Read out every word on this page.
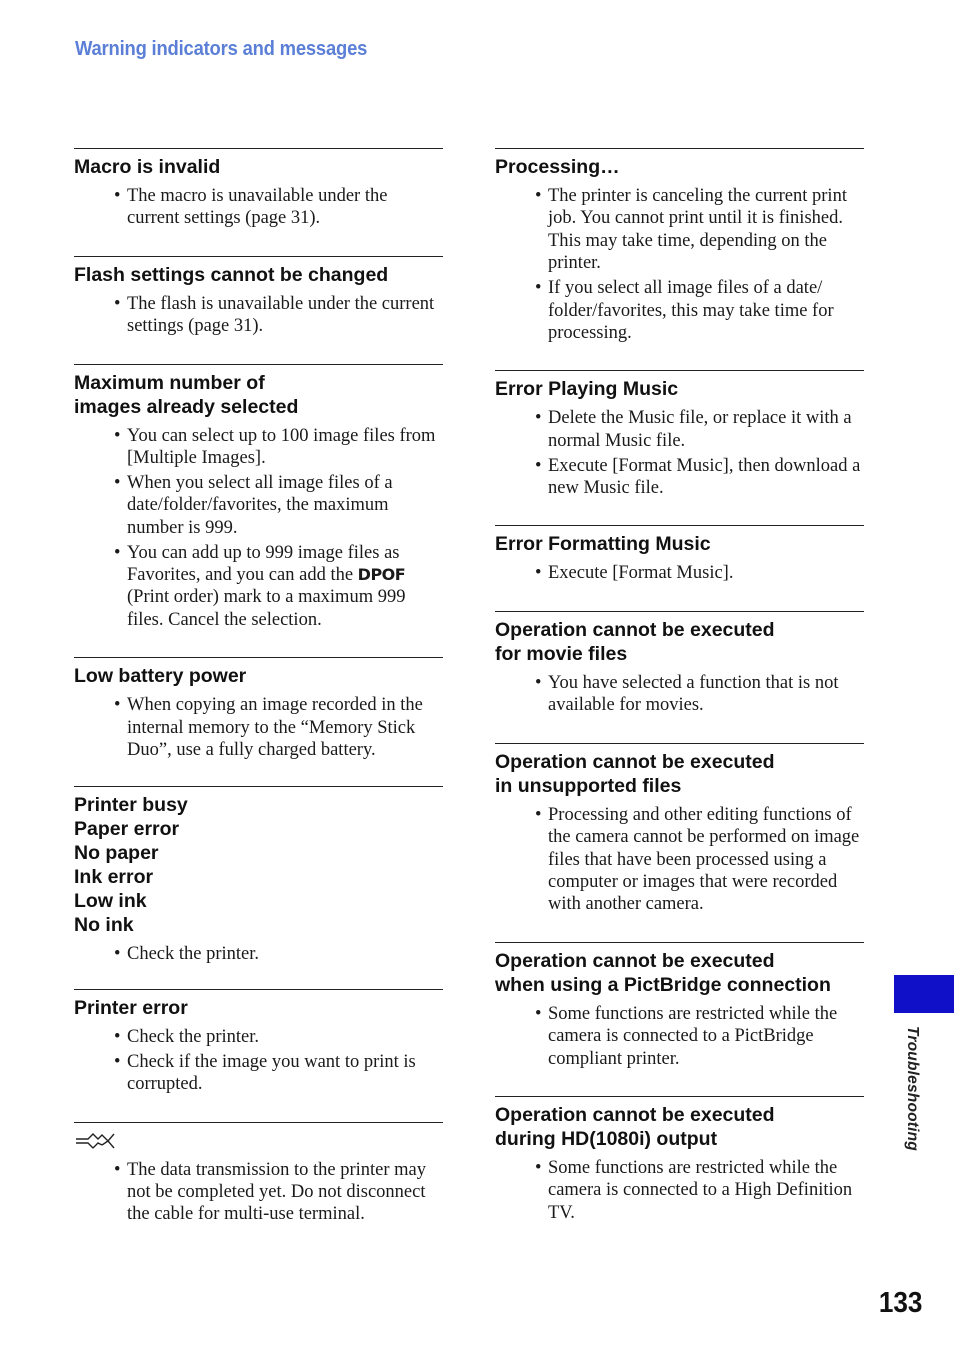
Warning indicators and messages
Macro is invalid
• The macro is unavailable under the current settings (page 31).
Flash settings cannot be changed
• The flash is unavailable under the current settings (page 31).
Maximum number of
images already selected
• You can select up to 100 image files from [Multiple Images].
• When you select all image files of a date/folder/favorites, the maximum number is 999.
• You can add up to 999 image files as Favorites, and you can add the DPOF (Print order) mark to a maximum 999 files. Cancel the selection.
Low battery power
• When copying an image recorded in the internal memory to the “Memory Stick Duo”, use a fully charged battery.
Printer busy
Paper error
No paper
Ink error
Low ink
No ink
• Check the printer.
Printer error
• Check the printer.
• Check if the image you want to print is corrupted.
• The data transmission to the printer may not be completed yet. Do not disconnect the cable for multi-use terminal.
Processing…
• The printer is canceling the current print job. You cannot print until it is finished. This may take time, depending on the printer.
• If you select all image files of a date/ folder/favorites, this may take time for processing.
Error Playing Music
• Delete the Music file, or replace it with a normal Music file.
• Execute [Format Music], then download a new Music file.
Error Formatting Music
• Execute [Format Music].
Operation cannot be executed
for movie files
• You have selected a function that is not available for movies.
Operation cannot be executed
in unsupported files
• Processing and other editing functions of the camera cannot be performed on image files that have been processed using a computer or images that were recorded with another camera.
Operation cannot be executed
when using a PictBridge connection
• Some functions are restricted while the camera is connected to a PictBridge compliant printer.
Operation cannot be executed
during HD(1080i) output
• Some functions are restricted while the camera is connected to a High Definition TV.
Troubleshooting
133
